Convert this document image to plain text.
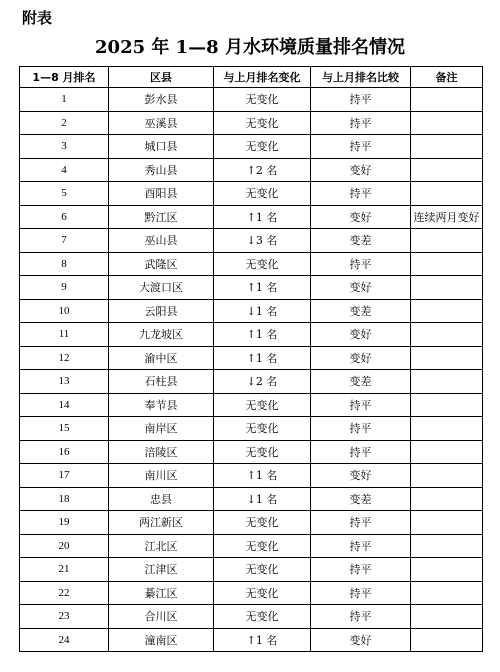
附表
2025 年 1—8 月水环境质量排名情况
1—8 月排名	区县	与上月排名变化	与上月排名比较	备注
1	彭水县	无变化	持平	
2	巫溪县	无变化	持平	
3	城口县	无变化	持平	
4	秀山县	↑2 名	变好	
5	酉阳县	无变化	持平	
6	黔江区	↑1 名	变好	连续两月变好
7	巫山县	↓3 名	变差	
8	武隆区	无变化	持平	
9	大渡口区	↑1 名	变好	
10	云阳县	↓1 名	变差	
11	九龙坡区	↑1 名	变好	
12	渝中区	↑1 名	变好	
13	石柱县	↓2 名	变差	
14	奉节县	无变化	持平	
15	南岸区	无变化	持平	
16	涪陵区	无变化	持平	
17	南川区	↑1 名	变好	
18	忠县	↓1 名	变差	
19	两江新区	无变化	持平	
20	江北区	无变化	持平	
21	江津区	无变化	持平	
22	綦江区	无变化	持平	
23	合川区	无变化	持平	
24	潼南区	↑1 名	变好	
